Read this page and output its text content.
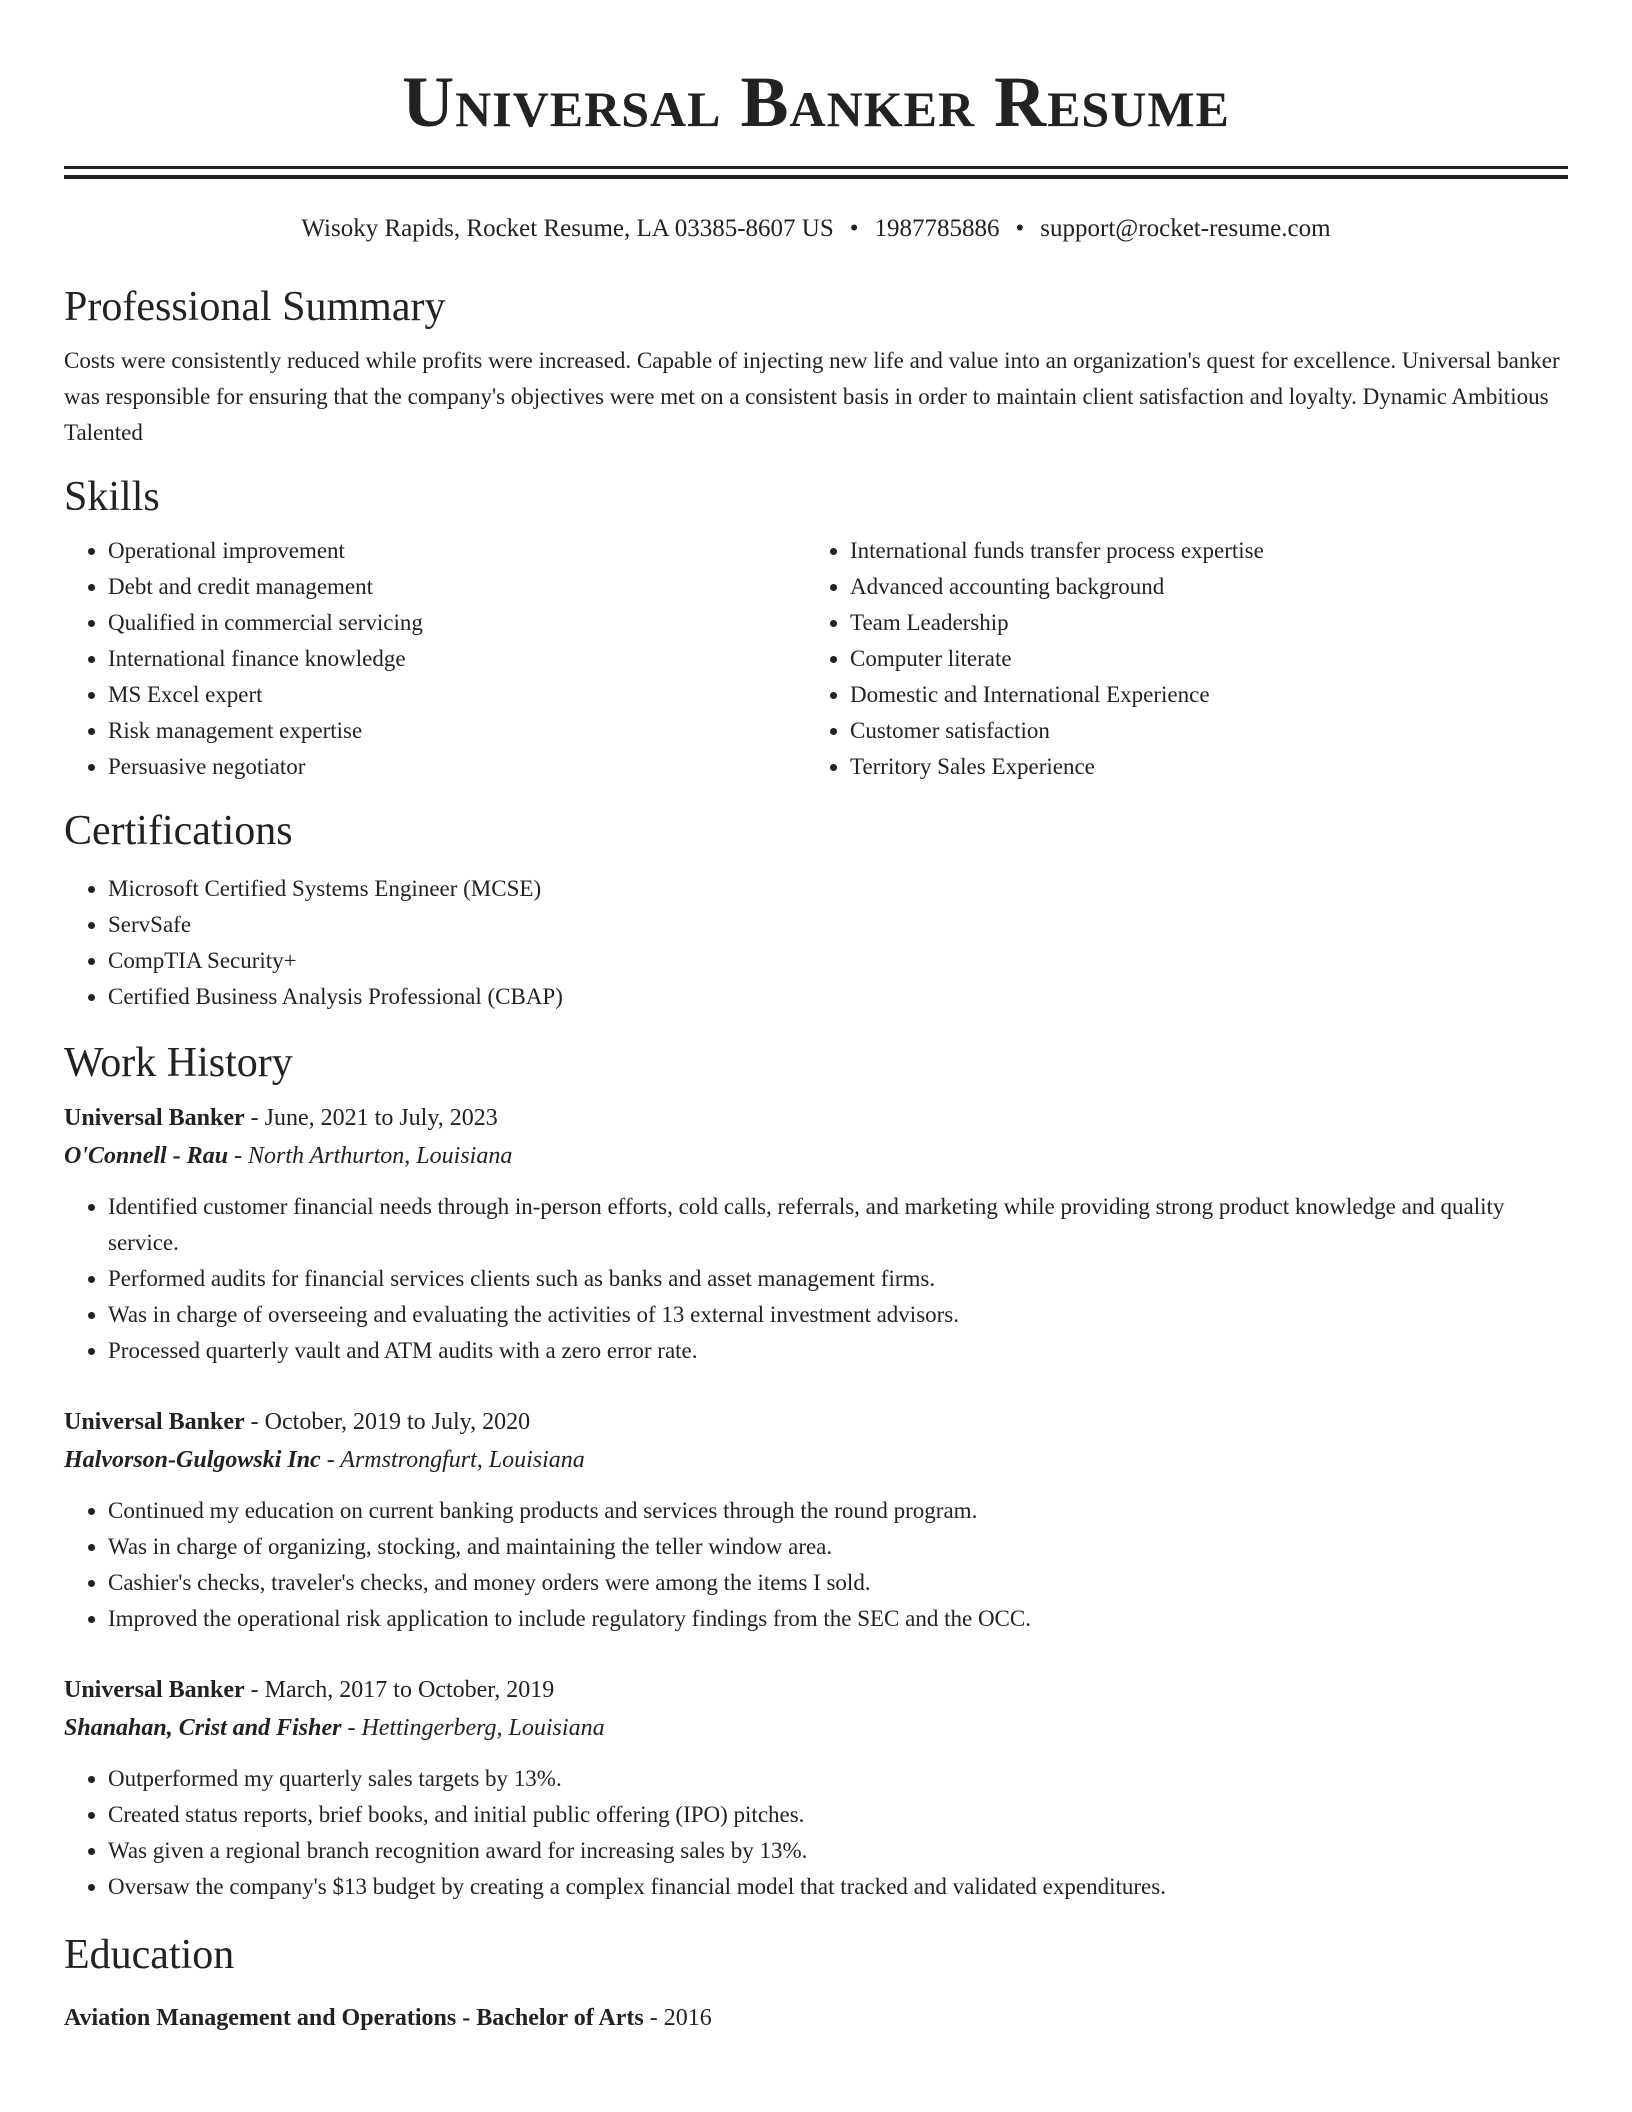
Universal Banker Resume
Wisoky Rapids, Rocket Resume, LA 03385-8607 US • 1987785886 • support@rocket-resume.com
Professional Summary

Costs were consistently reduced while profits were increased. Capable of injecting new life and value into an organization's quest for excellence. Universal banker was responsible for ensuring that the company's objectives were met on a consistent basis in order to maintain client satisfaction and loyalty. Dynamic Ambitious Talented

Skills
• Operational improvement
• Debt and credit management
• Qualified in commercial servicing
• International finance knowledge
• MS Excel expert
• Risk management expertise
• Persuasive negotiator
• International funds transfer process expertise
• Advanced accounting background
• Team Leadership
• Computer literate
• Domestic and International Experience
• Customer satisfaction
• Territory Sales Experience
Certifications
• Microsoft Certified Systems Engineer (MCSE)
• ServSafe
• CompTIA Security+
• Certified Business Analysis Professional (CBAP)
Work History
Universal Banker - June, 2021 to July, 2023
O'Connell - Rau - North Arthurton, Louisiana
• Identified customer financial needs through in-person efforts, cold calls, referrals, and marketing while providing strong product knowledge and quality service.
• Performed audits for financial services clients such as banks and asset management firms.
• Was in charge of overseeing and evaluating the activities of 13 external investment advisors.
• Processed quarterly vault and ATM audits with a zero error rate.
Universal Banker - October, 2019 to July, 2020
Halvorson-Gulgowski Inc - Armstrongfurt, Louisiana
• Continued my education on current banking products and services through the round program.
• Was in charge of organizing, stocking, and maintaining the teller window area.
• Cashier's checks, traveler's checks, and money orders were among the items I sold.
• Improved the operational risk application to include regulatory findings from the SEC and the OCC.
Universal Banker - March, 2017 to October, 2019
Shanahan, Crist and Fisher - Hettingerberg, Louisiana
• Outperformed my quarterly sales targets by 13%.
• Created status reports, brief books, and initial public offering (IPO) pitches.
• Was given a regional branch recognition award for increasing sales by 13%.
• Oversaw the company's $13 budget by creating a complex financial model that tracked and validated expenditures.
Education
Aviation Management and Operations - Bachelor of Arts - 2016
